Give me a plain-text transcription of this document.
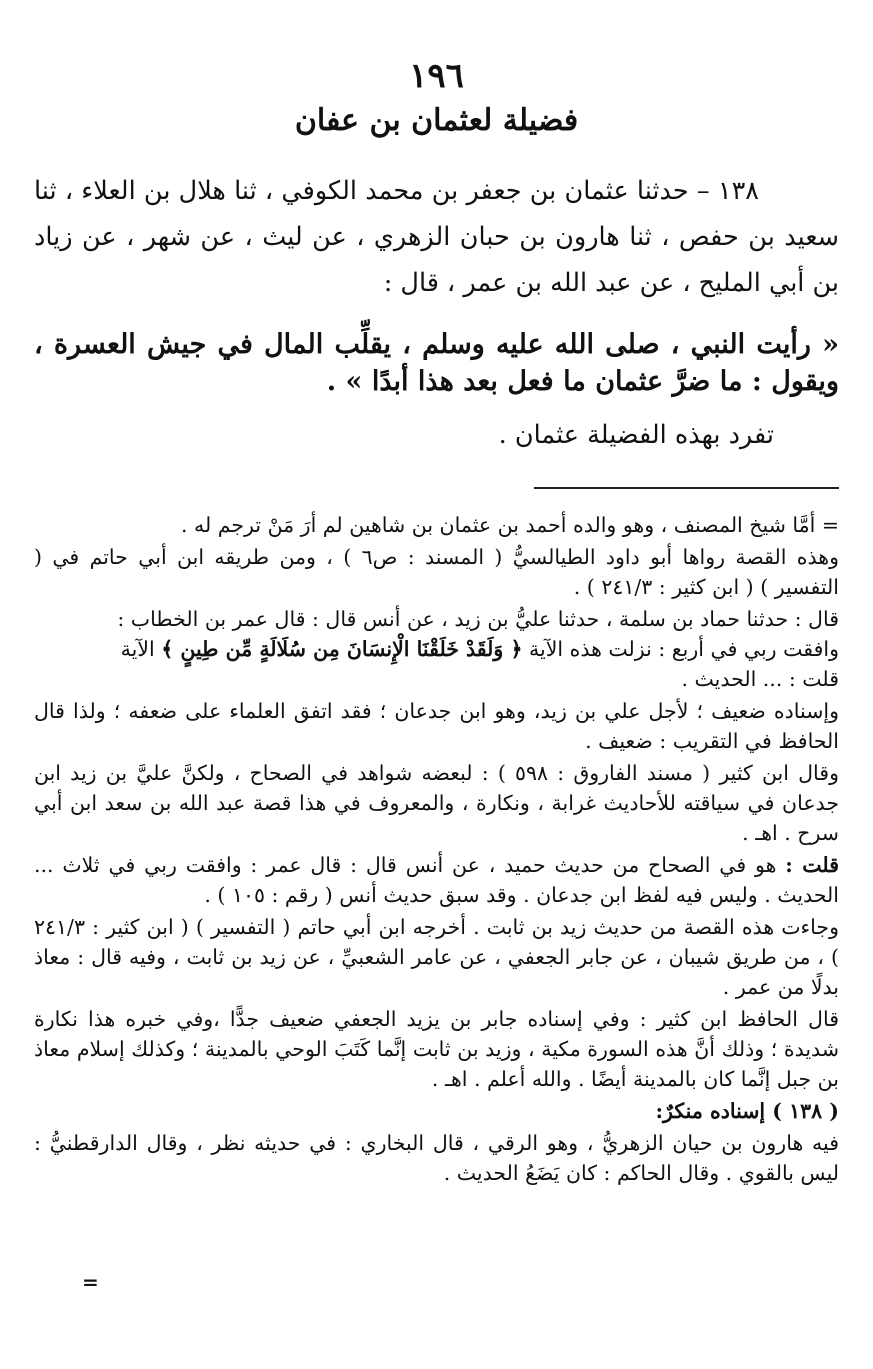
١٩٦
فضيلة لعثمان بن عفان

١٣٨ – حدثنا عثمان بن جعفر بن محمد الكوفي ، ثنا هلال بن العلاء ، ثنا سعيد بن حفص ، ثنا هارون بن حبان الزهري ، عن ليث ، عن شهر ، عن زياد بن أبي المليح ، عن عبد الله بن عمر ، قال :

« رأيت النبي ، صلى الله عليه وسلم ، يقلِّب المال في جيش العسرة ، ويقول : ما ضرَّ عثمان ما فعل بعد هذا أبدًا » .

تفرد بهذه الفضيلة عثمان .

= أمَّا شيخ المصنف ، وهو والده أحمد بن عثمان بن شاهين لم أرَ مَنْ ترجم له .

وهذه القصة رواها أبو داود الطيالسيُّ ( المسند : ص٦ ) ، ومن طريقه ابن أبي حاتم في ( التفسير ) ( ابن كثير : ٢٤١/٣ ) .

قال : حدثنا حماد بن سلمة ، حدثنا عليُّ بن زيد ، عن أنس قال : قال عمر بن الخطاب :
وافقت ربي في أربع : نزلت هذه الآية ﴿ وَلَقَدْ خَلَقْنَا الْإِنسَانَ مِن سُلَالَةٍ مِّن طِينٍ ﴾ الآية
قلت : ... الحديث .

وإسناده ضعيف ؛ لأجل علي بن زيد، وهو ابن جدعان ؛ فقد اتفق العلماء على ضعفه ؛ ولذا قال الحافظ في التقريب : ضعيف .

وقال ابن كثير ( مسند الفاروق : ٥٩٨ ) : لبعضه شواهد في الصحاح ، ولكنَّ عليَّ بن زيد ابن جدعان في سياقته للأحاديث غرابة ، ونكارة ، والمعروف في هذا قصة عبد الله بن سعد ابن أبي سرح . اهـ .

قلت : هو في الصحاح من حديث حميد ، عن أنس قال : قال عمر : وافقت ربي في ثلاث ... الحديث . وليس فيه لفظ ابن جدعان . وقد سبق حديث أنس ( رقم : ١٠٥ ) .

وجاءت هذه القصة من حديث زيد بن ثابت . أخرجه ابن أبي حاتم ( التفسير ) ( ابن كثير : ٢٤١/٣ ) ، من طريق شيبان ، عن جابر الجعفي ، عن عامر الشعبيِّ ، عن زيد بن ثابت ، وفيه قال : معاذ بدلًا من عمر .

قال الحافظ ابن كثير : وفي إسناده جابر بن يزيد الجعفي ضعيف جدًّا ،وفي خبره هذا نكارة شديدة ؛ وذلك أنَّ هذه السورة مكية ، وزيد بن ثابت إنَّما كَتَبَ الوحي بالمدينة ؛ وكذلك إسلام معاذ بن جبل إنَّما كان بالمدينة أيضًا . والله أعلم . اهـ .

( ١٣٨ ) إسناده منكرٌ:

فيه هارون بن حيان الزهريُّ ، وهو الرقي ، قال البخاري : في حديثه نظر ، وقال الدارقطنيُّ : ليس بالقوي . وقال الحاكم : كان يَضَعُ الحديث .

=
